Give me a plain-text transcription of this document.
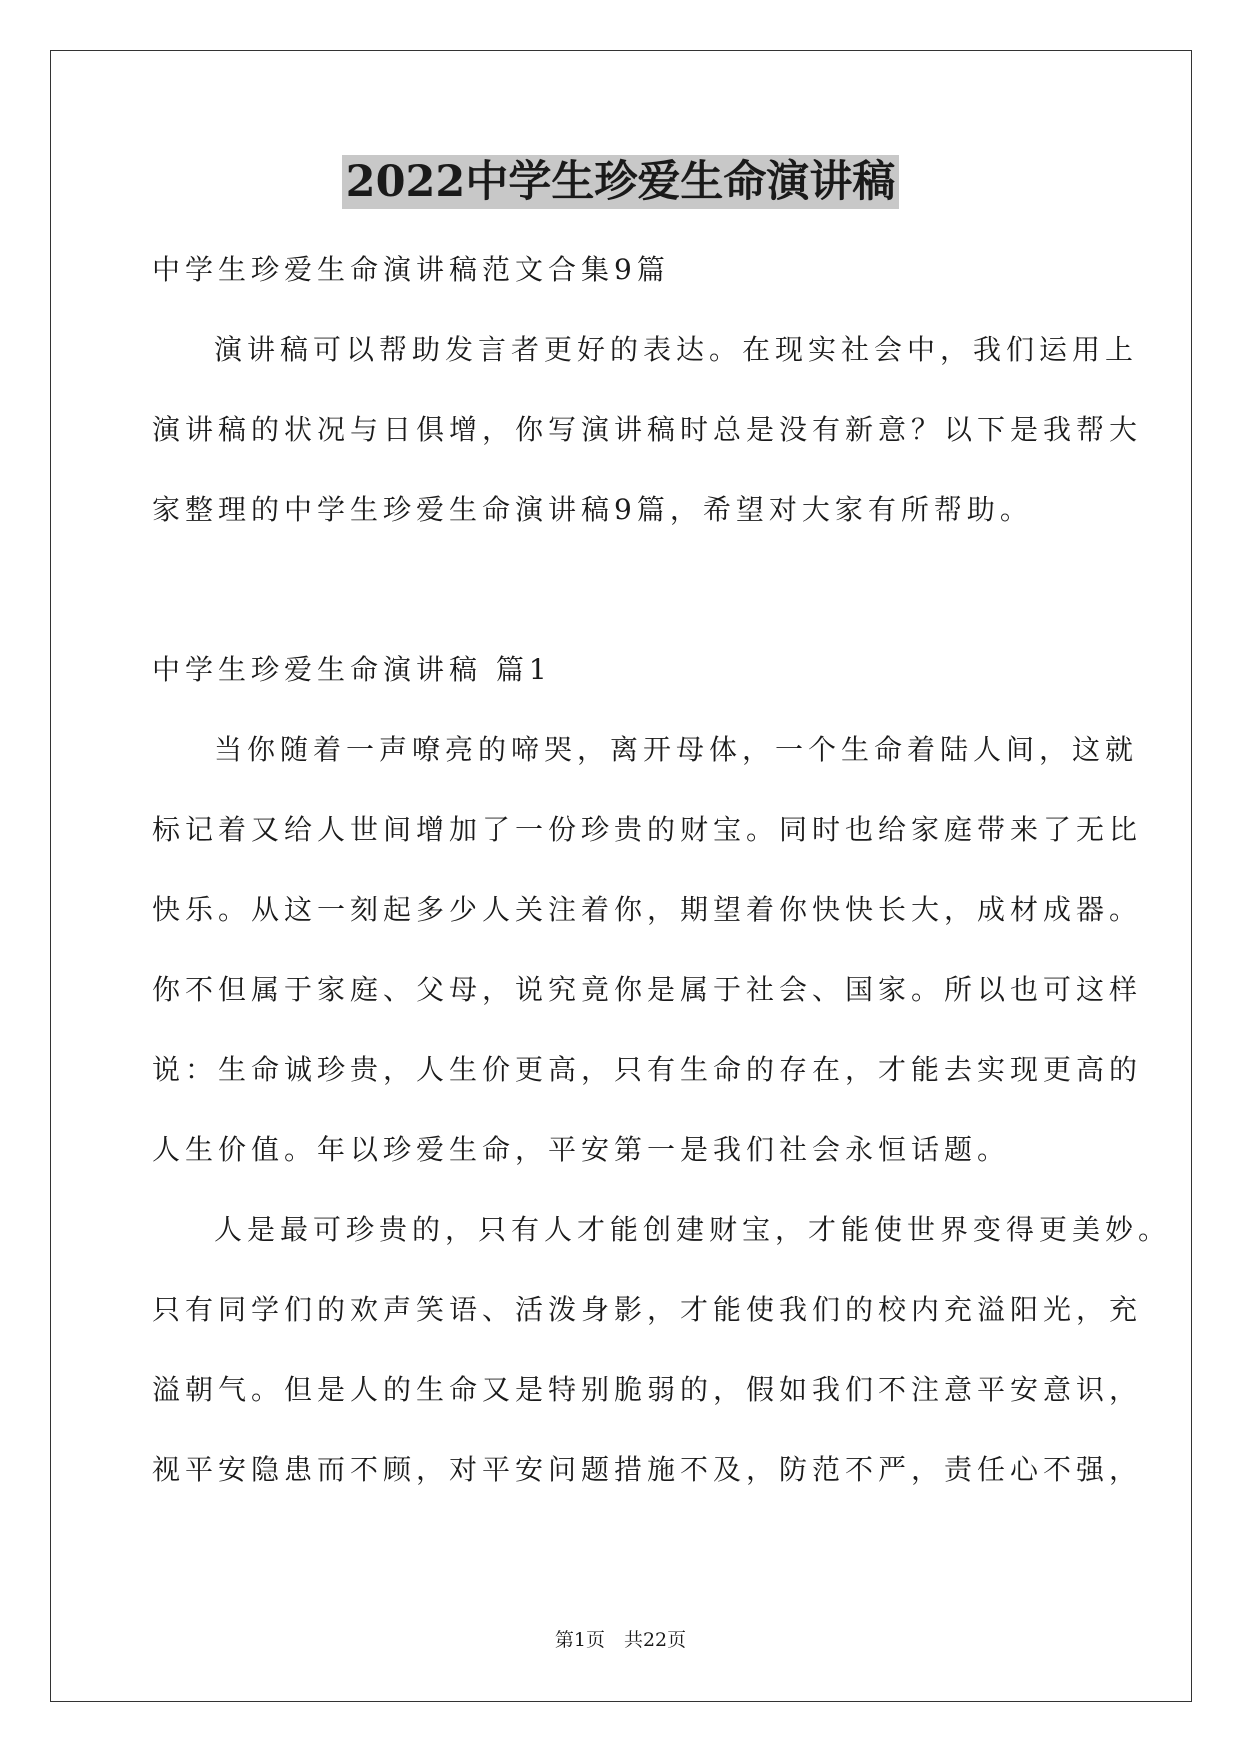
2022中学生珍爱生命演讲稿

中学生珍爱生命演讲稿范文合集9篇

演讲稿可以帮助发言者更好的表达。在现实社会中，我们运用上

演讲稿的状况与日俱增，你写演讲稿时总是没有新意？以下是我帮大

家整理的中学生珍爱生命演讲稿9篇，希望对大家有所帮助。

中学生珍爱生命演讲稿 篇1

当你随着一声嘹亮的啼哭，离开母体，一个生命着陆人间，这就

标记着又给人世间增加了一份珍贵的财宝。同时也给家庭带来了无比

快乐。从这一刻起多少人关注着你，期望着你快快长大，成材成器。

你不但属于家庭、父母，说究竟你是属于社会、国家。所以也可这样

说：生命诚珍贵，人生价更高，只有生命的存在，才能去实现更高的

人生价值。年以珍爱生命，平安第一是我们社会永恒话题。

人是最可珍贵的，只有人才能创建财宝，才能使世界变得更美妙。

只有同学们的欢声笑语、活泼身影，才能使我们的校内充溢阳光，充

溢朝气。但是人的生命又是特别脆弱的，假如我们不注意平安意识，

视平安隐患而不顾，对平安问题措施不及，防范不严，责任心不强，

第1页　共22页
